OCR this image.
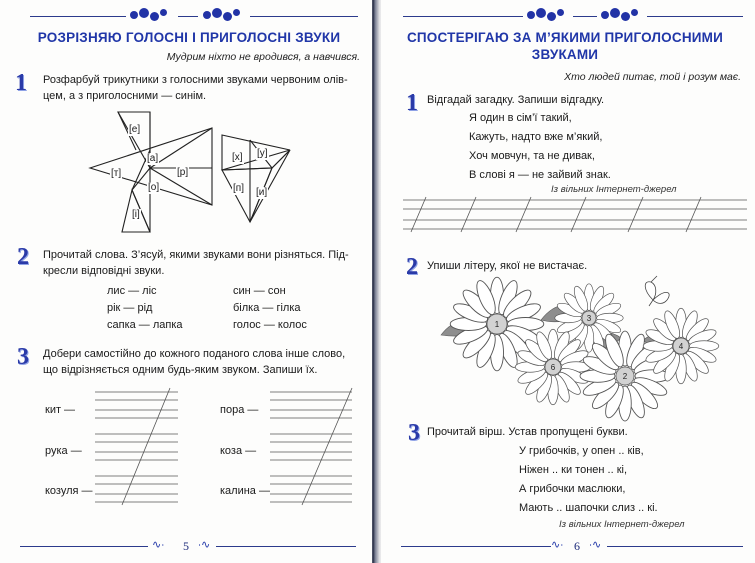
РОЗРІЗНЯЮ ГОЛОСНІ І ПРИГОЛОСНІ ЗВУКИ
Мудрим ніхто не вродився, а навчився.
1	Розфарбуй трикутники з голосними звуками червоним олів-
цем, а з приголосними — синім.
[е]
[а]
[т]	[р]
[о]
[і]
[х] [у]
[п] [и]
2	Прочитай слова. З’ясуй, якими звуками вони різняться. Під-
кресли відповідні звуки.
лис — ліс	син — сон
рік — рід	білка — гілка
сапка — лапка	голос — колос
3	Добери самостійно до кожного поданого слова інше слово,
що відрізняється одним будь-яким звуком. Запиши їх.
кит —
рука —
козуля —
пора —
коза —
калина —
∿∙	5 ∙∿
СПОСТЕРІГАЮ ЗА М’ЯКИМИ ПРИГОЛОСНИМИ
ЗВУКАМИ
Хто людей питає, той і розум має.
1 Відгадай загадку. Запиши відгадку.
Я один в сім’ї такий,
Кажуть, надто вже м’який,
Хоч мовчун, та не дивак,
В слові я — не зайвий знак.
Із вільних Інтернет-джерел
2 Упиши літеру, якої не вистачає.
1
3
6
2
4
3 Прочитай вірш. Устав пропущені букви.
У грибочків, у опен .. ків,
Ніжен .. ки тонен .. кі,
А грибочки маслюки,
Мають .. шапочки слиз .. кі.
Із вільних Інтернет-джерел
∿∙ 6 ∙∿
